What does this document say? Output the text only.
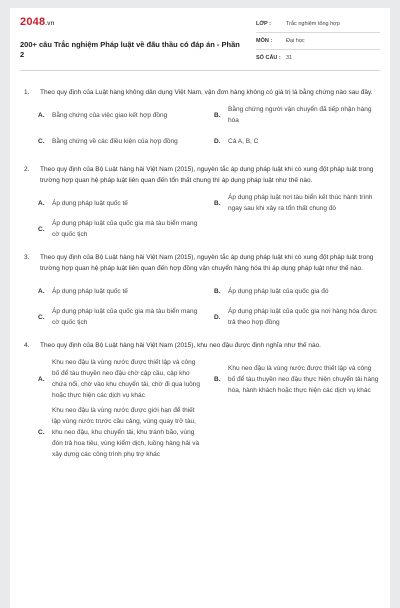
2048.vn
200+ câu Trắc nghiệm Pháp luật về đấu thầu có đáp án - Phần 2
LỚP :	Trắc nghiệm tổng hợp
MÔN :	Đại học
SỐ CÂU : 31
1.	Theo quy định của Luật hàng không dân dụng Việt Nam, vận đơn hàng không có giá trị là bằng chứng nào sau đây.
A.	Bằng chứng của việc giao kết hợp đồng	B.
Bằng chứng người vận chuyển đã tiếp nhận hàng hóa
C.	Bằng chứng về các điều kiện của hợp đồng	D.	Cả A, B, C
2.	Theo quy định của Bộ Luật hàng hải Việt Nam (2015), nguyên tắc áp dụng pháp luật khi có xung đột pháp luật trong trường hợp quan hệ pháp luật liên quan đến tổn thất chung thì áp dụng pháp luật như thế nào.
A.	Áp dụng pháp luật quốc tế	B.
Áp dụng pháp luật nơi tàu biển kết thúc hành trình ngay sau khi xảy ra tổn thất chung đó
C.
Áp dụng pháp luật của quốc gia mà tàu biển mang cờ quốc tịch
3.	Theo quy định của Bộ Luật hàng hải Việt Nam (2015), nguyên tắc áp dụng pháp luật khi có xung đột pháp luật trong trường hợp quan hệ pháp luật liên quan đến hợp đồng vận chuyển hàng hóa thì áp dụng pháp luật như thế nào.
A.	Áp dụng pháp luật quốc tế	B.	Áp dụng pháp luật của quốc gia đó
C.
Áp dụng pháp luật của quốc gia mà tàu biển mang cờ quốc tịch
D.
Áp dụng pháp luật của quốc gia nơi hàng hóa được trả theo hợp đồng
4.	Theo quy định của Bộ Luật hàng hải Việt Nam (2015), khu neo đậu được định nghĩa như thế nào.
A.
Khu neo đậu là vùng nước được thiết lập và công bố để tàu thuyền neo đậu chờ cập cầu, cập kho chứa nổi, chờ vào khu chuyển tải, chờ đi qua luồng hoặc thực hiện các dịch vụ khác
B.
Khu neo đậu là vùng nước được thiết lập và công bố để tàu thuyền neo đậu thực hiện chuyển tải hàng hóa, hành khách hoặc thực hiện các dịch vụ khác
C.
Khu neo đậu là vùng nước được giới hạn để thiết lập vùng nước trước cầu cảng, vùng quay trở tàu, khu neo đậu, khu chuyển tải, khu tránh bão, vùng đón trả hoa tiêu, vùng kiểm dịch, luồng hàng hải và xây dựng các công trình phụ trợ khác
